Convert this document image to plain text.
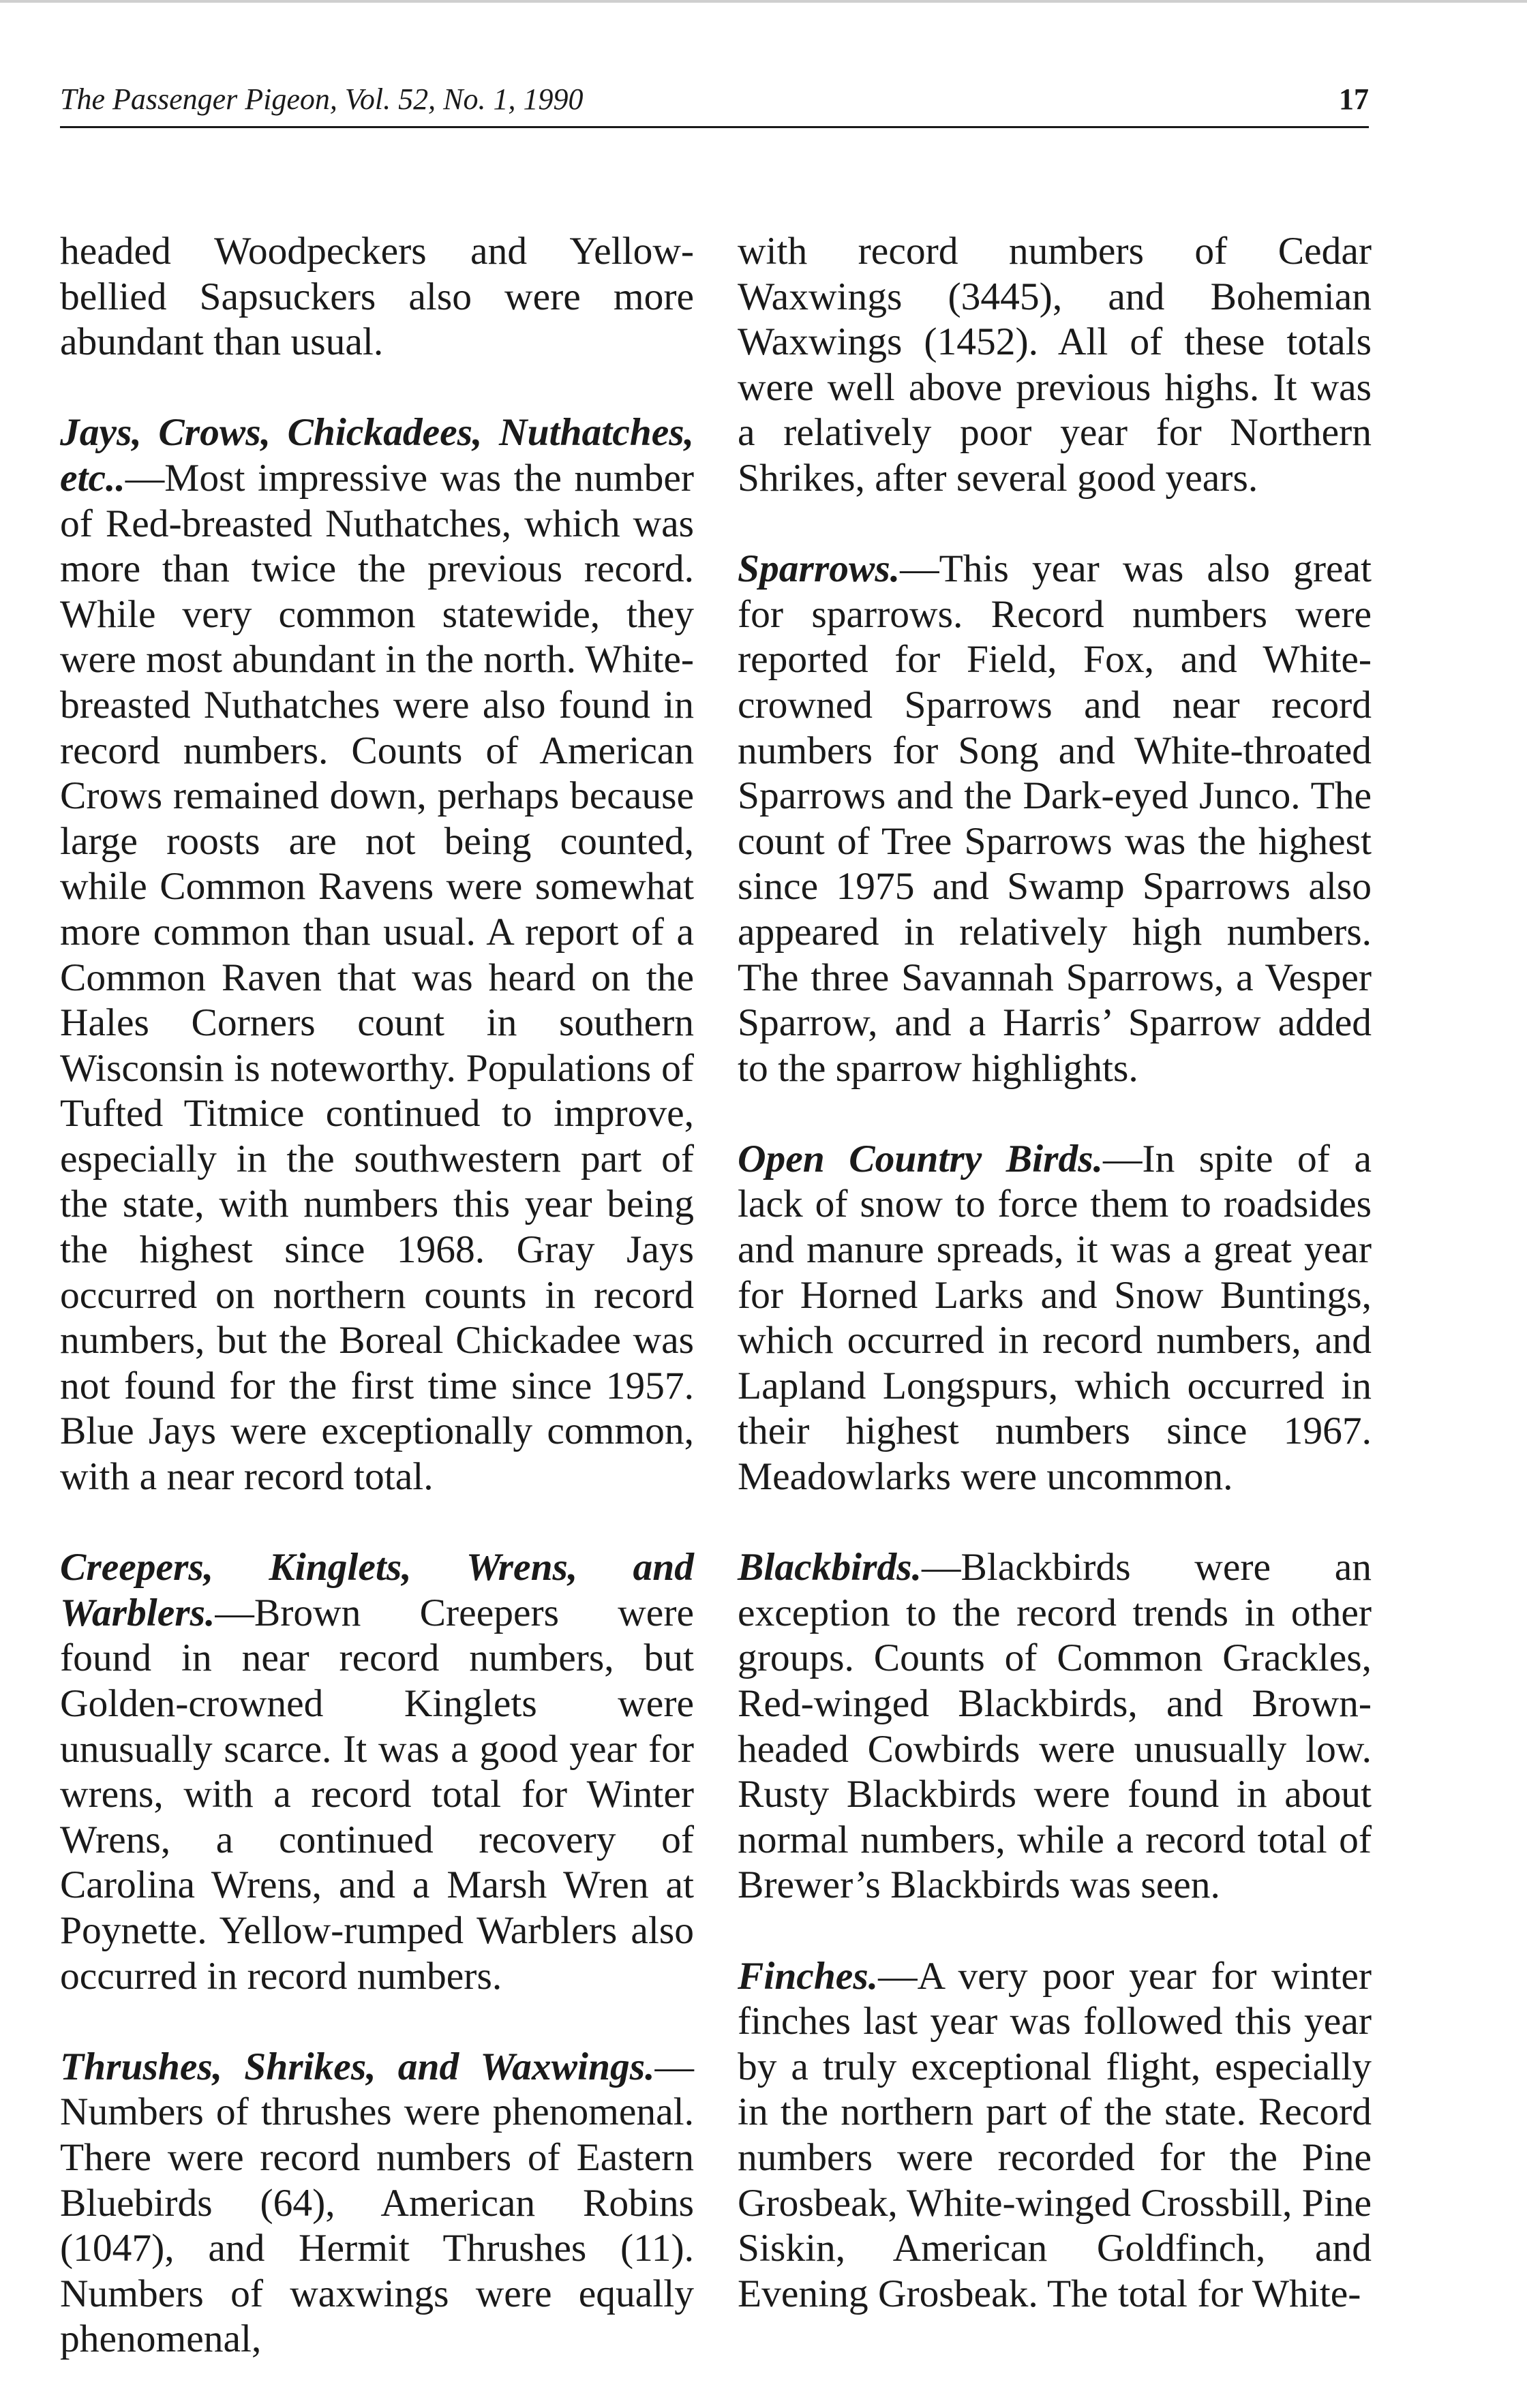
The Passenger Pigeon, Vol. 52, No. 1, 1990	17

headed Woodpeckers and Yellow-bellied Sapsuckers also were more abundant than usual.

Jays, Crows, Chickadees, Nuthatches, etc..—Most impressive was the number of Red-breasted Nuthatches, which was more than twice the previous record. While very common statewide, they were most abundant in the north. White-breasted Nuthatches were also found in record numbers. Counts of American Crows remained down, perhaps because large roosts are not being counted, while Common Ravens were somewhat more common than usual. A report of a Common Raven that was heard on the Hales Corners count in southern Wisconsin is noteworthy. Populations of Tufted Titmice continued to improve, especially in the southwestern part of the state, with numbers this year being the highest since 1968. Gray Jays occurred on northern counts in record numbers, but the Boreal Chickadee was not found for the first time since 1957. Blue Jays were exceptionally common, with a near record total.

Creepers, Kinglets, Wrens, and Warblers.—Brown Creepers were found in near record numbers, but Golden-crowned Kinglets were unusually scarce. It was a good year for wrens, with a record total for Winter Wrens, a continued recovery of Carolina Wrens, and a Marsh Wren at Poynette. Yellow-rumped Warblers also occurred in record numbers.

Thrushes, Shrikes, and Waxwings.— Numbers of thrushes were phenomenal. There were record numbers of Eastern Bluebirds (64), American Robins (1047), and Hermit Thrushes (11). Numbers of waxwings were equally phenomenal,

with record numbers of Cedar Waxwings (3445), and Bohemian Waxwings (1452). All of these totals were well above previous highs. It was a relatively poor year for Northern Shrikes, after several good years.

Sparrows.—This year was also great for sparrows. Record numbers were reported for Field, Fox, and White-crowned Sparrows and near record numbers for Song and White-throated Sparrows and the Dark-eyed Junco. The count of Tree Sparrows was the highest since 1975 and Swamp Sparrows also appeared in relatively high numbers. The three Savannah Sparrows, a Vesper Sparrow, and a Harris’ Sparrow added to the sparrow highlights.

Open Country Birds.—In spite of a lack of snow to force them to roadsides and manure spreads, it was a great year for Horned Larks and Snow Buntings, which occurred in record numbers, and Lapland Longspurs, which occurred in their highest numbers since 1967. Meadowlarks were uncommon.

Blackbirds.—Blackbirds were an exception to the record trends in other groups. Counts of Common Grackles, Red-winged Blackbirds, and Brown-headed Cowbirds were unusually low. Rusty Blackbirds were found in about normal numbers, while a record total of Brewer’s Blackbirds was seen.

Finches.—A very poor year for winter finches last year was followed this year by a truly exceptional flight, especially in the northern part of the state. Record numbers were recorded for the Pine Grosbeak, White-winged Crossbill, Pine Siskin, American Goldfinch, and Evening Grosbeak. The total for White-
